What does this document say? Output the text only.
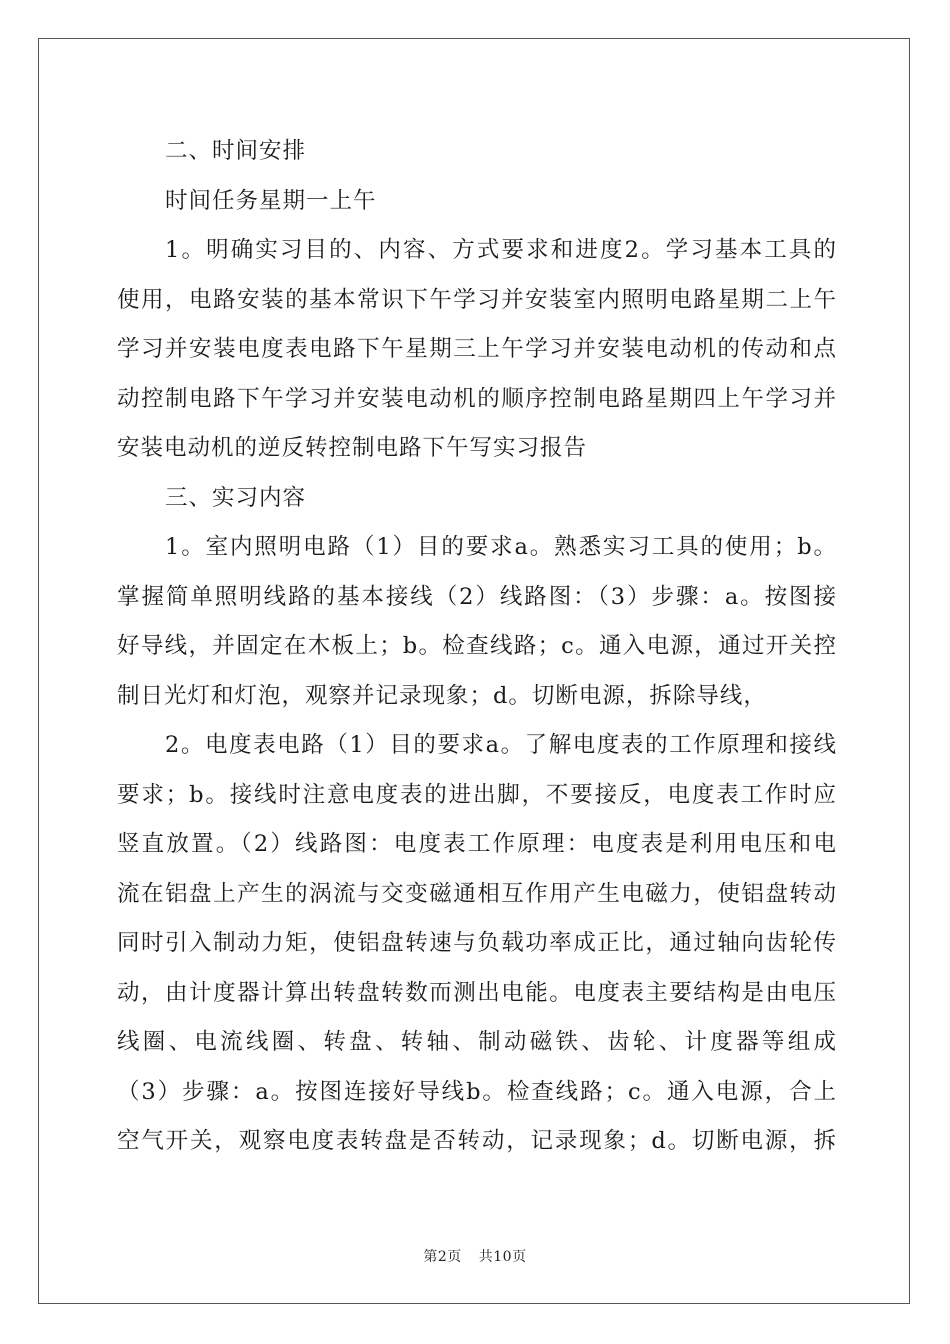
二、时间安排
时间任务星期一上午
1。明确实习目的、内容、方式要求和进度2。学习基本工具的
使用，电路安装的基本常识下午学习并安装室内照明电路星期二上午
学习并安装电度表电路下午星期三上午学习并安装电动机的传动和点
动控制电路下午学习并安装电动机的顺序控制电路星期四上午学习并
安装电动机的逆反转控制电路下午写实习报告
三、实习内容
1。室内照明电路（1）目的要求a。熟悉实习工具的使用；b。
掌握简单照明线路的基本接线（2）线路图：（3）步骤：a。按图接
好导线，并固定在木板上；b。检查线路；c。通入电源，通过开关控
制日光灯和灯泡，观察并记录现象；d。切断电源，拆除导线，
2。电度表电路（1）目的要求a。了解电度表的工作原理和接线
要求；b。接线时注意电度表的进出脚，不要接反，电度表工作时应
竖直放置。（2）线路图：电度表工作原理：电度表是利用电压和电
流在铝盘上产生的涡流与交变磁通相互作用产生电磁力，使铝盘转动
同时引入制动力矩，使铝盘转速与负载功率成正比，通过轴向齿轮传
动，由计度器计算出转盘转数而测出电能。电度表主要结构是由电压
线圈、电流线圈、转盘、转轴、制动磁铁、齿轮、计度器等组成
（3）步骤：a。按图连接好导线b。检查线路；c。通入电源，合上
空气开关，观察电度表转盘是否转动，记录现象；d。切断电源，拆
第2页 共10页
